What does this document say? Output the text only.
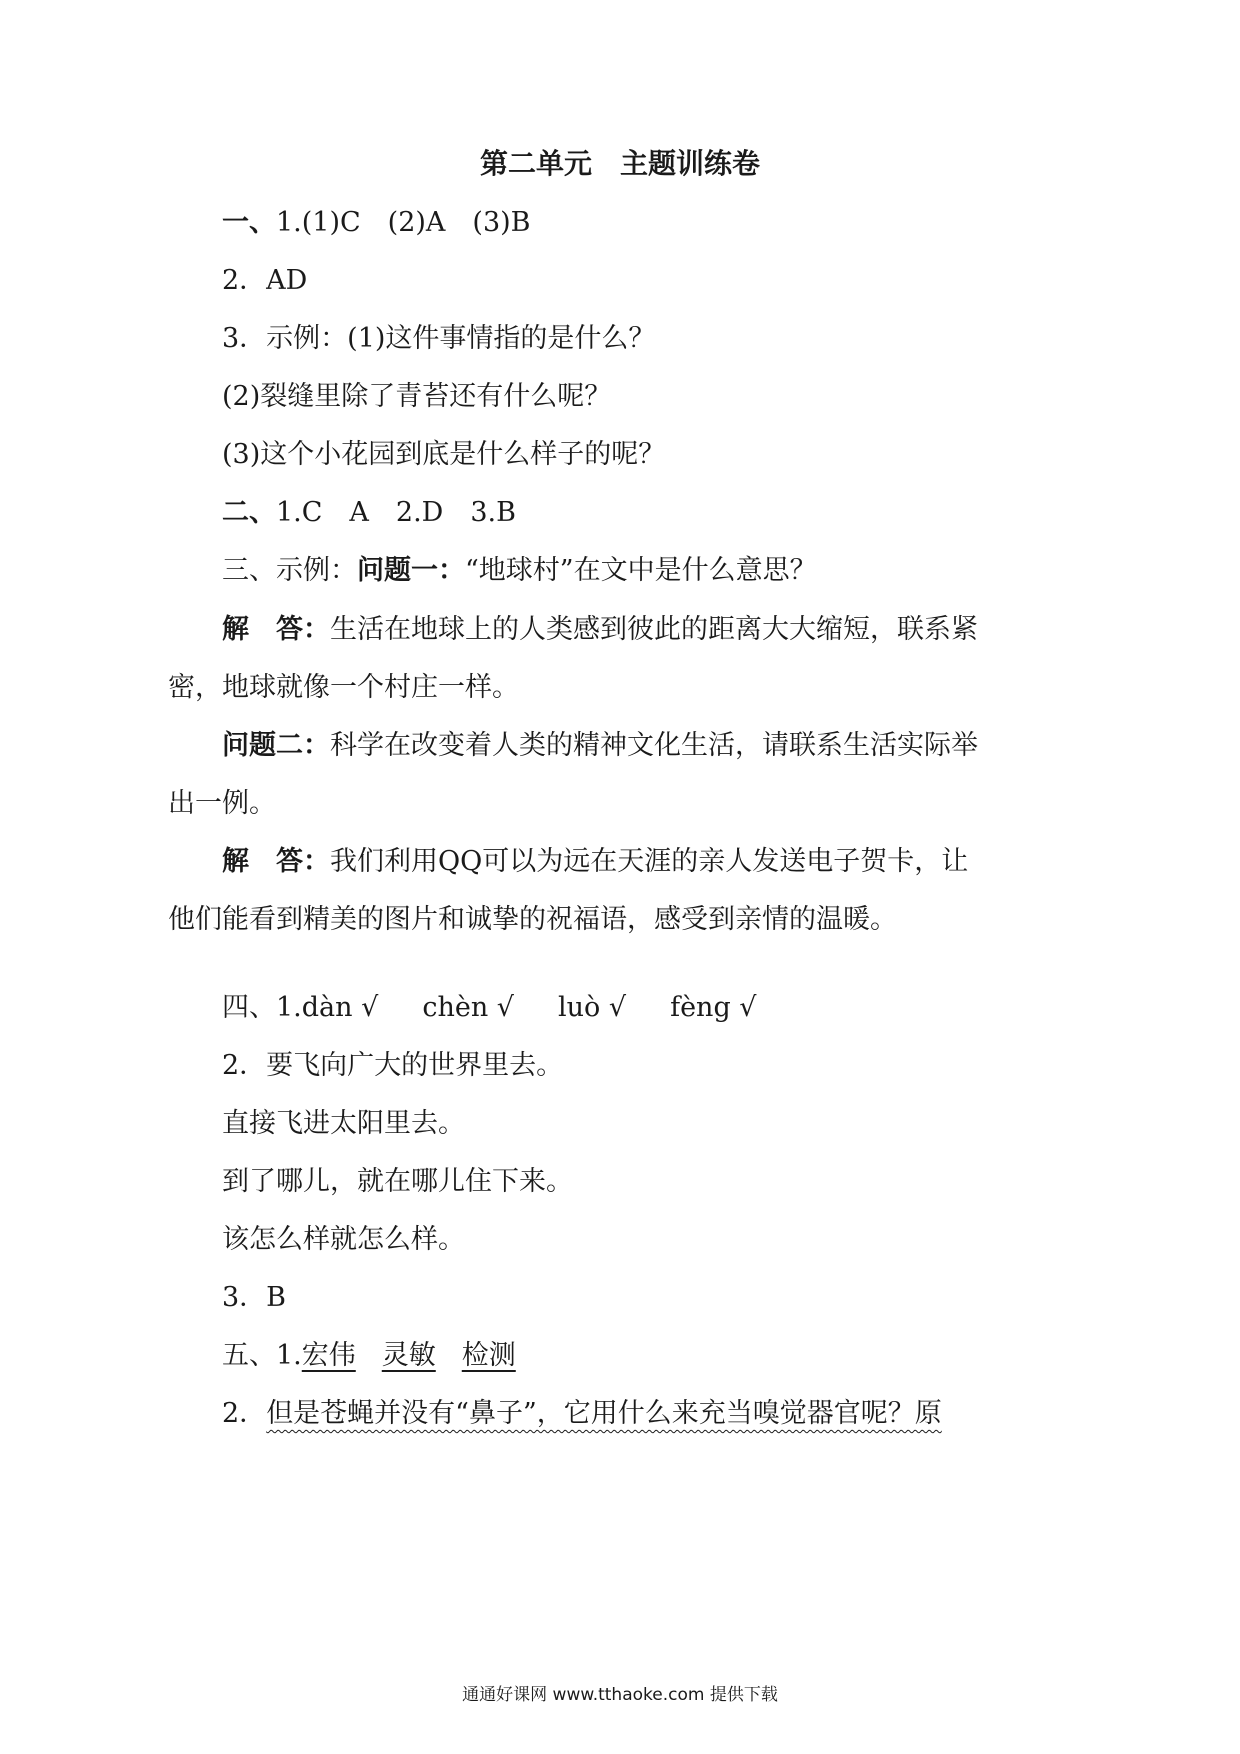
第二单元　主题训练卷
一、1.(1)C　(2)A　(3)B
2．AD
3．示例：(1)这件事情指的是什么？
(2)裂缝里除了青苔还有什么呢？
(3)这个小花园到底是什么样子的呢？
二、1.C　A　2.D　3.B
三、示例：问题一：“地球村”在文中是什么意思？
解　答：生活在地球上的人类感到彼此的距离大大缩短，联系紧
密，地球就像一个村庄一样。
问题二：科学在改变着人类的精神文化生活，请联系生活实际举
出一例。
解　答：我们利用QQ可以为远在天涯的亲人发送电子贺卡，让
他们能看到精美的图片和诚挚的祝福语，感受到亲情的温暖。
四、1.dàn √ chèn √ luò √ fèng √
2．要飞向广大的世界里去。
直接飞进太阳里去。
到了哪儿，就在哪儿住下来。
该怎么样就怎么样。
3．B
五、1.宏伟 灵敏 检测
2．但是苍蝇并没有“鼻子”，它用什么来充当嗅觉器官呢？原
通通好课网 www.tthaoke.com 提供下载
